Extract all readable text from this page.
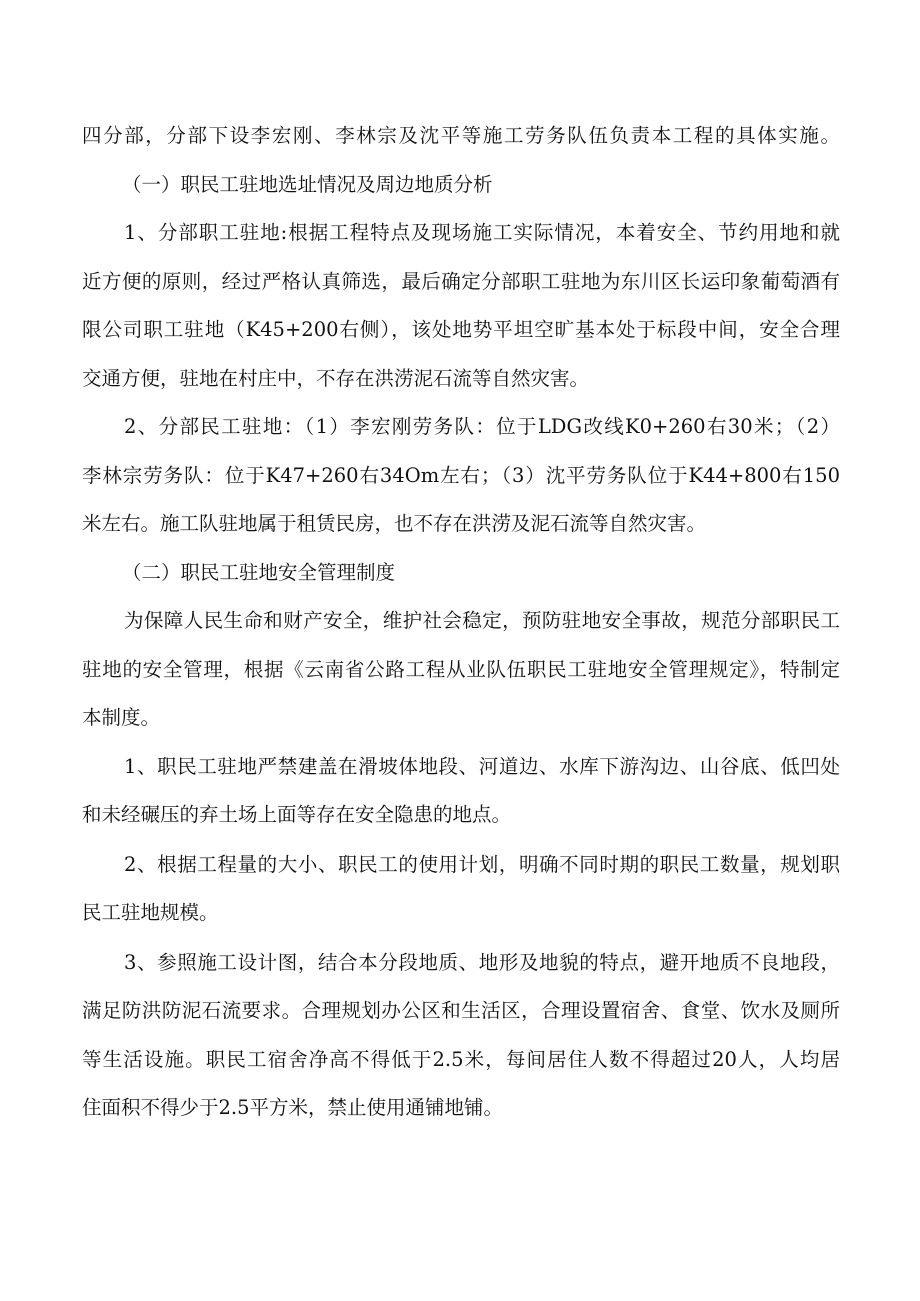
四分部，分部下设李宏刚、李林宗及沈平等施工劳务队伍负责本工程的具体实施。
（一）职民工驻地选址情况及周边地质分析
1、分部职工驻地:根据工程特点及现场施工实际情况，本着安全、节约用地和就
近方便的原则，经过严格认真筛选，最后确定分部职工驻地为东川区长运印象葡萄酒有
限公司职工驻地（K45+200右侧），该处地势平坦空旷基本处于标段中间，安全合理
交通方便，驻地在村庄中，不存在洪涝泥石流等自然灾害。
2、分部民工驻地：（1）李宏刚劳务队：位于LDG改线K0+260右30米；（2）
李林宗劳务队：位于K47+260右34Om左右；（3）沈平劳务队位于K44+800右150
米左右。施工队驻地属于租赁民房，也不存在洪涝及泥石流等自然灾害。
（二）职民工驻地安全管理制度
为保障人民生命和财产安全，维护社会稳定，预防驻地安全事故，规范分部职民工
驻地的安全管理，根据《云南省公路工程从业队伍职民工驻地安全管理规定》，特制定
本制度。
1、职民工驻地严禁建盖在滑坡体地段、河道边、水库下游沟边、山谷底、低凹处
和未经碾压的弃土场上面等存在安全隐患的地点。
2、根据工程量的大小、职民工的使用计划，明确不同时期的职民工数量，规划职
民工驻地规模。
3、参照施工设计图，结合本分段地质、地形及地貌的特点，避开地质不良地段，
满足防洪防泥石流要求。合理规划办公区和生活区，合理设置宿舍、食堂、饮水及厕所
等生活设施。职民工宿舍净高不得低于2.5米，每间居住人数不得超过20人，人均居
住面积不得少于2.5平方米，禁止使用通铺地铺。
